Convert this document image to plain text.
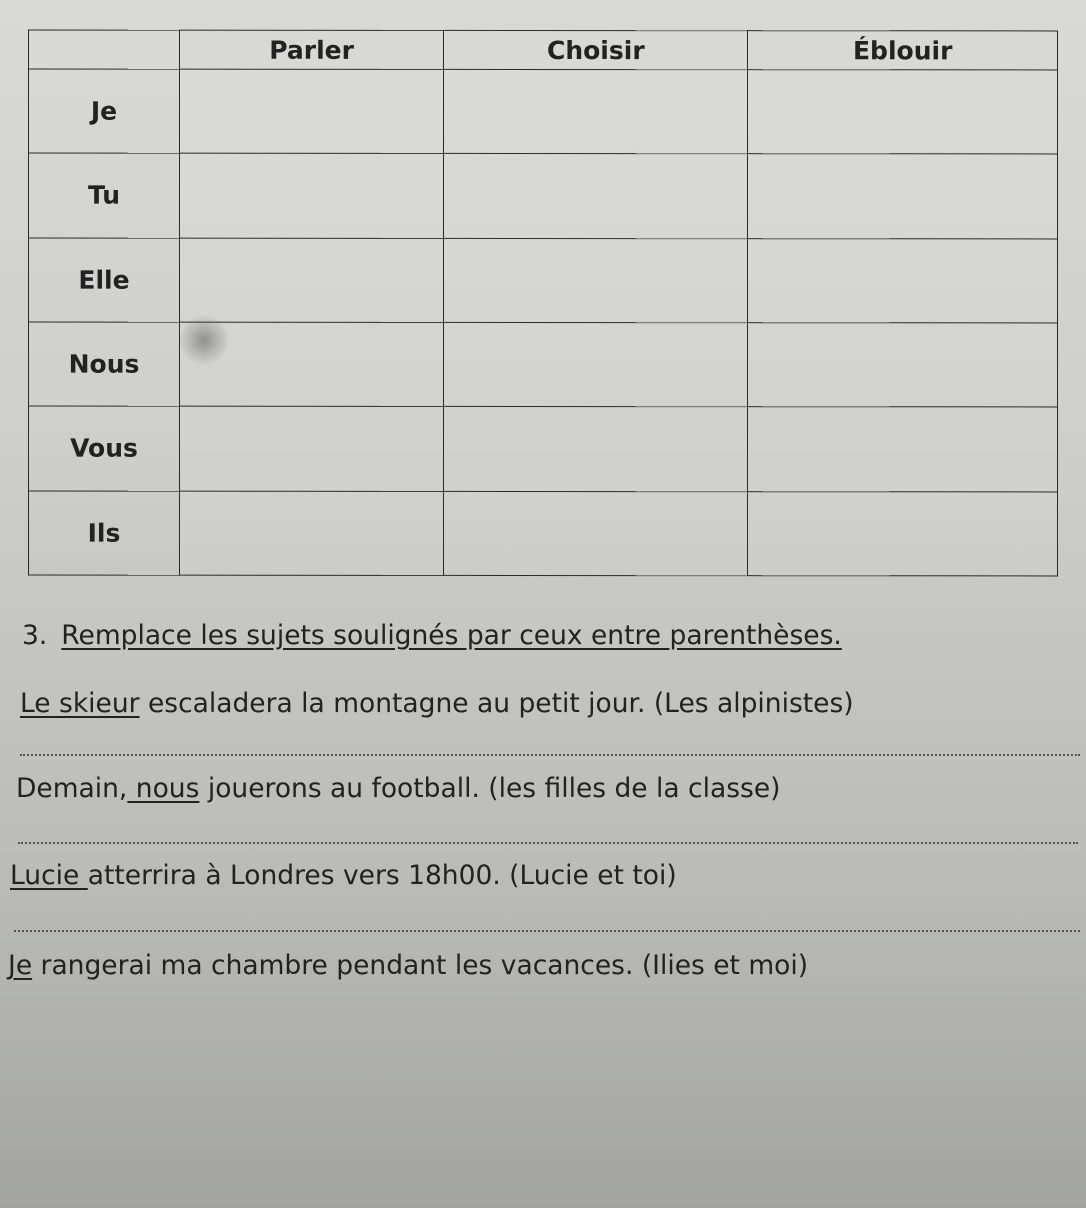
	Parler	Choisir	Éblouir
Je			
Tu			
Elle			
Nous			
Vous			
Ils			
3. Remplace les sujets soulignés par ceux entre parenthèses.
Le skieur escaladera la montagne au petit jour. (Les alpinistes)
Demain, nous jouerons au football. (les filles de la classe)
Lucie atterrira à Londres vers 18h00. (Lucie et toi)
Je rangerai ma chambre pendant les vacances. (Ilies et moi)
